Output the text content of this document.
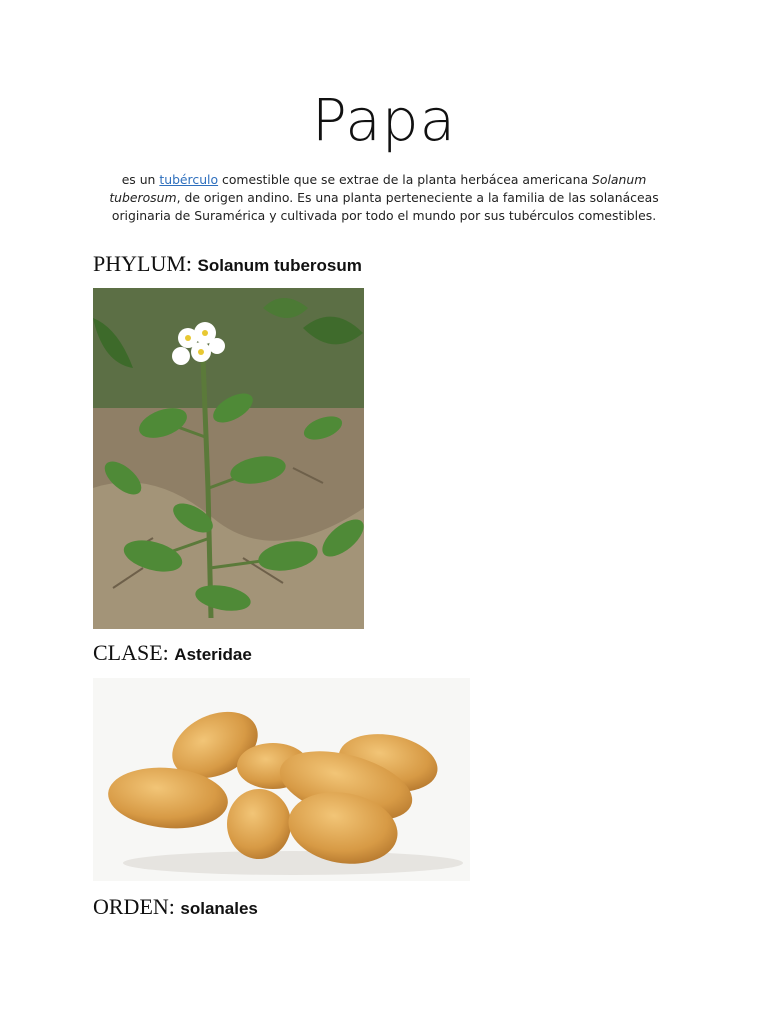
Papa
es un tubérculo comestible que se extrae de la planta herbácea americana Solanum tuberosum, de origen andino. Es una planta perteneciente a la familia de las solanáceas originaria de Suramérica y cultivada por todo el mundo por sus tubérculos comestibles.
PHYLUM: Solanum tuberosum
CLASE: Asteridae
ORDEN: solanales
